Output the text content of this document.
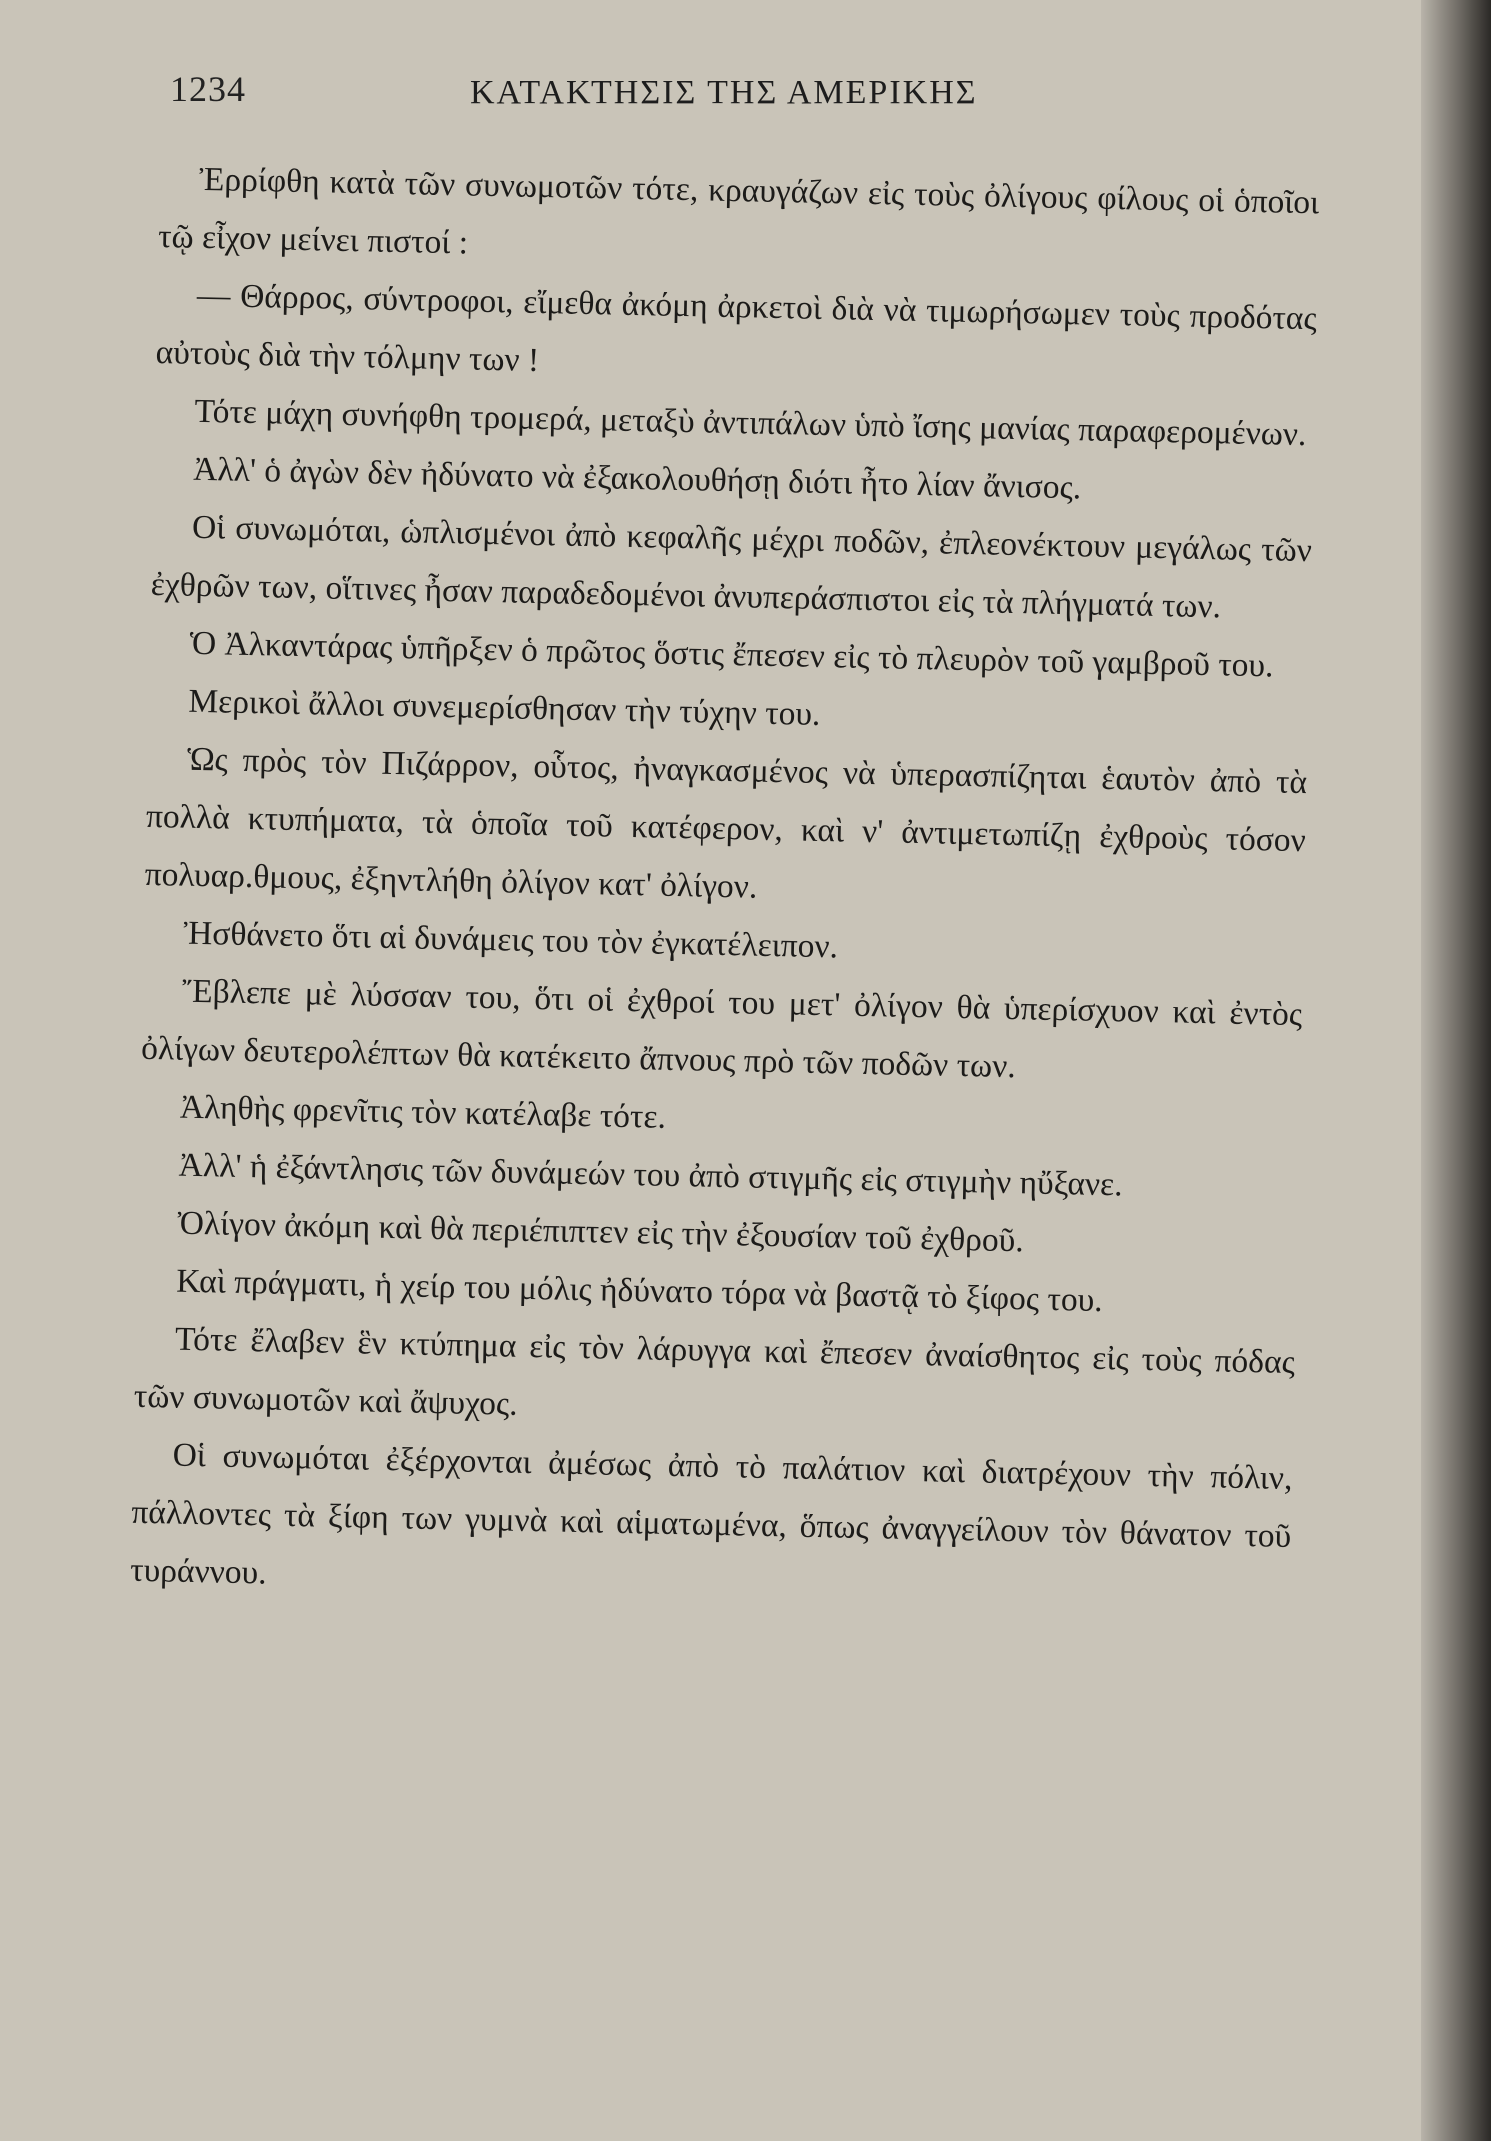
1234	ΚΑΤΑΚΤΗΣΙΣ ΤΗΣ ΑΜΕΡΙΚΗΣ

Ἐρρίφθη κατὰ τῶν συνωμοτῶν τότε, κραυγάζων εἰς τοὺς ὀλίγους φίλους οἱ ὁποῖοι τῷ εἶχον μείνει πιστοί :

— Θάρρος, σύντροφοι, εἴμεθα ἀκόμη ἀρκετοὶ διὰ νὰ τιμωρήσωμεν τοὺς προδότας αὐτοὺς διὰ τὴν τόλμην των !

Τότε μάχη συνήφθη τρομερά, μεταξὺ ἀντιπάλων ὑπὸ ἴσης μανίας παραφερομένων.

Ἀλλ' ὁ ἀγὼν δὲν ἠδύνατο νὰ ἐξακολουθήσῃ διότι ἦτο λίαν ἄνισος.

Οἱ συνωμόται, ὡπλισμένοι ἀπὸ κεφαλῆς μέχρι ποδῶν, ἐπλεονέκτουν μεγάλως τῶν ἐχθρῶν των, οἵτινες ἦσαν παραδεδομένοι ἀνυπεράσπιστοι εἰς τὰ πλήγματά των.

Ὁ Ἀλκαντάρας ὑπῆρξεν ὁ πρῶτος ὅστις ἔπεσεν εἰς τὸ πλευρὸν τοῦ γαμβροῦ του.

Μερικοὶ ἄλλοι συνεμερίσθησαν τὴν τύχην του.

Ὡς πρὸς τὸν Πιζάρρον, οὗτος, ἠναγκασμένος νὰ ὑπερασπίζηται ἑαυτὸν ἀπὸ τὰ πολλὰ κτυπήματα, τὰ ὁποῖα τοῦ κατέφερον, καὶ ν' ἀντιμετωπίζῃ ἐχθροὺς τόσον πολυαρ.θμους, ἐξηντλήθη ὀλίγον κατ' ὀλίγον.

Ἠσθάνετο ὅτι αἱ δυνάμεις του τὸν ἐγκατέλειπον.

Ἔβλεπε μὲ λύσσαν του, ὅτι οἱ ἐχθροί του μετ' ὀλίγον θὰ ὑπερίσχυον καὶ ἐντὸς ὀλίγων δευτερολέπτων θὰ κατέκειτο ἄπνους πρὸ τῶν ποδῶν των.

Ἀληθὴς φρενῖτις τὸν κατέλαβε τότε.

Ἀλλ' ἡ ἐξάντλησις τῶν δυνάμεών του ἀπὸ στιγμῆς εἰς στιγμὴν ηὔξανε.

Ὀλίγον ἀκόμη καὶ θὰ περιέπιπτεν εἰς τὴν ἐξουσίαν τοῦ ἐχθροῦ.

Καὶ πράγματι, ἡ χείρ του μόλις ἠδύνατο τόρα νὰ βαστᾷ τὸ ξίφος του.

Τότε ἔλαβεν ἓν κτύπημα εἰς τὸν λάρυγγα καὶ ἔπεσεν ἀναίσθητος εἰς τοὺς πόδας τῶν συνωμοτῶν καὶ ἄψυχος.

Οἱ συνωμόται ἐξέρχονται ἀμέσως ἀπὸ τὸ παλάτιον καὶ διατρέχουν τὴν πόλιν, πάλλοντες τὰ ξίφη των γυμνὰ καὶ αἱματωμένα, ὅπως ἀναγγείλουν τὸν θάνατον τοῦ τυράννου.
